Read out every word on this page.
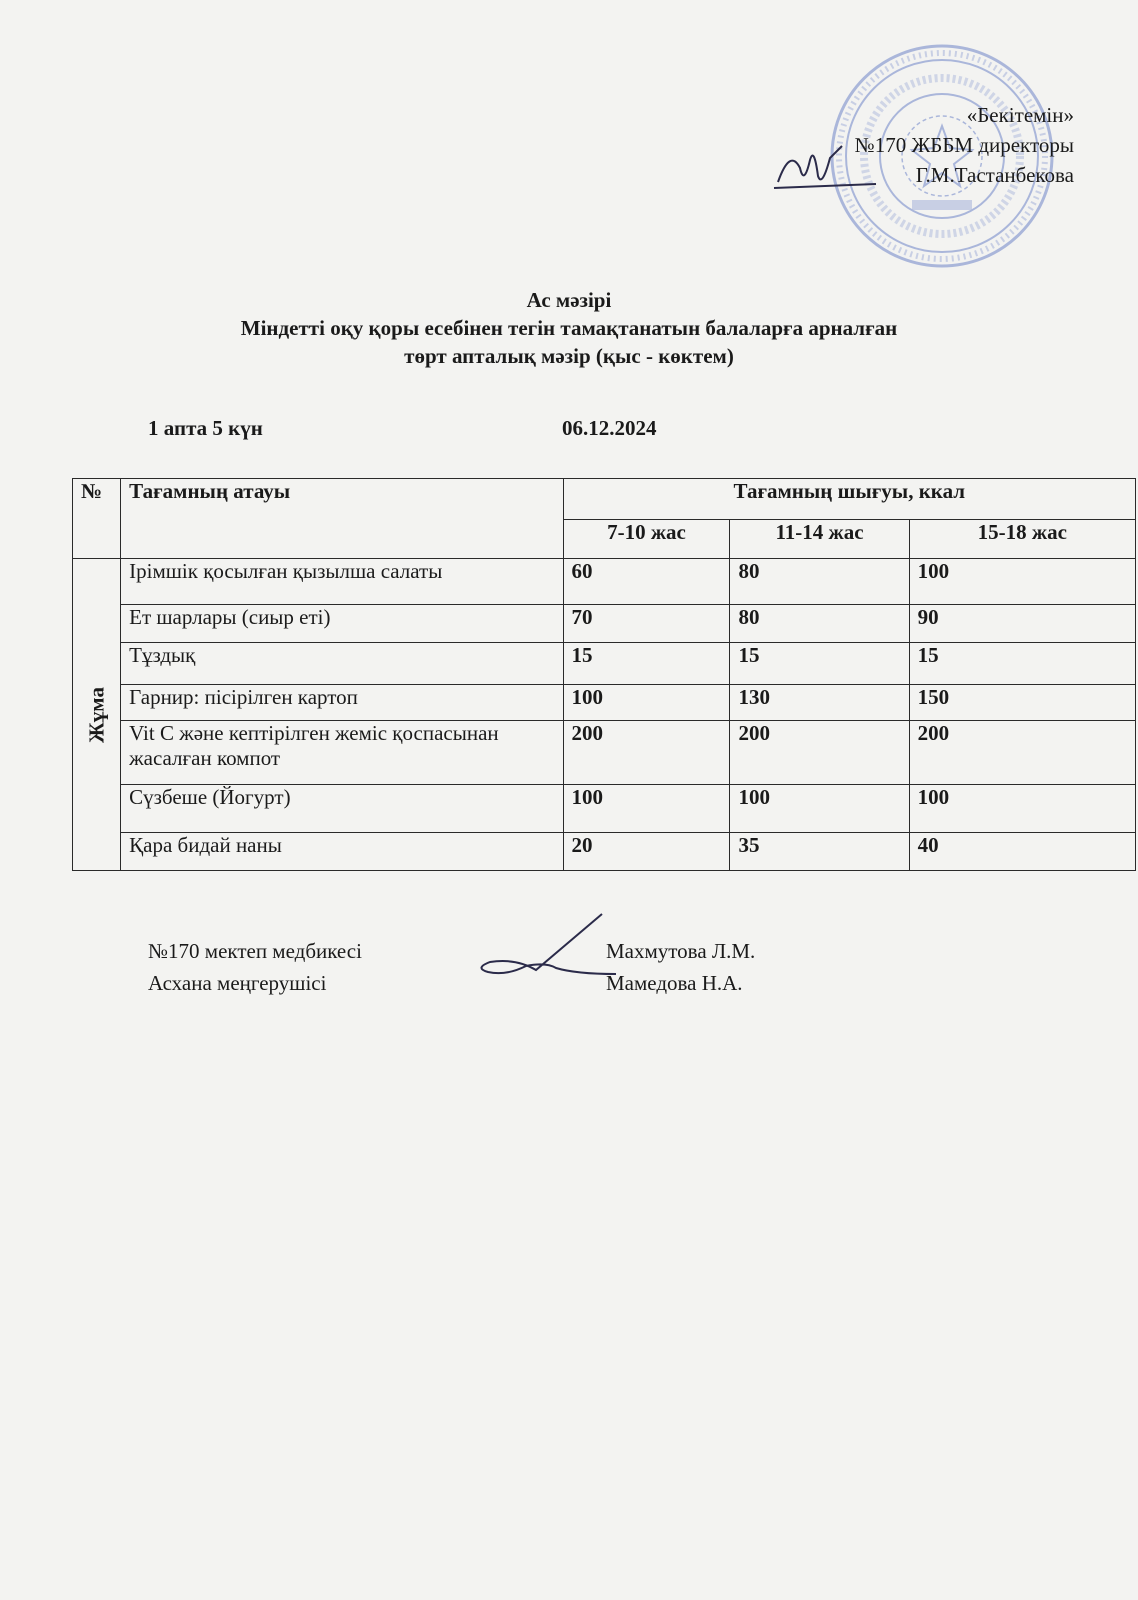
«Бекітемін»
№170 ЖББМ директоры
Г.М.Тастанбекова
Ас мәзірі
Міндетті оқу қоры есебінен тегін тамақтанатын балаларға арналған
төрт апталық мәзір (қыс - көктем)
1 апта 5 күн	06.12.2024
№	Тағамның атауы	Тағамның шығуы, ккал		
		7-10 жас	11-14 жас	15-18 жас

Жұма	Ірімшік қосылған қызылша салаты	60	80	100
	Ет шарлары (сиыр еті)	70	80	90
	Тұздық	15	15	15
	Гарнир: пісірілген картоп	100	130	150
	Vit C және кептірілген жеміс қоспасынан жасалған компот	200	200	200
	Сүзбеше (Йогурт)	100	100	100
	Қара бидай наны	20	35	40
№170 мектеп медбикесі
Асхана меңгерушісі
Махмутова Л.М.
Мамедова Н.А.
